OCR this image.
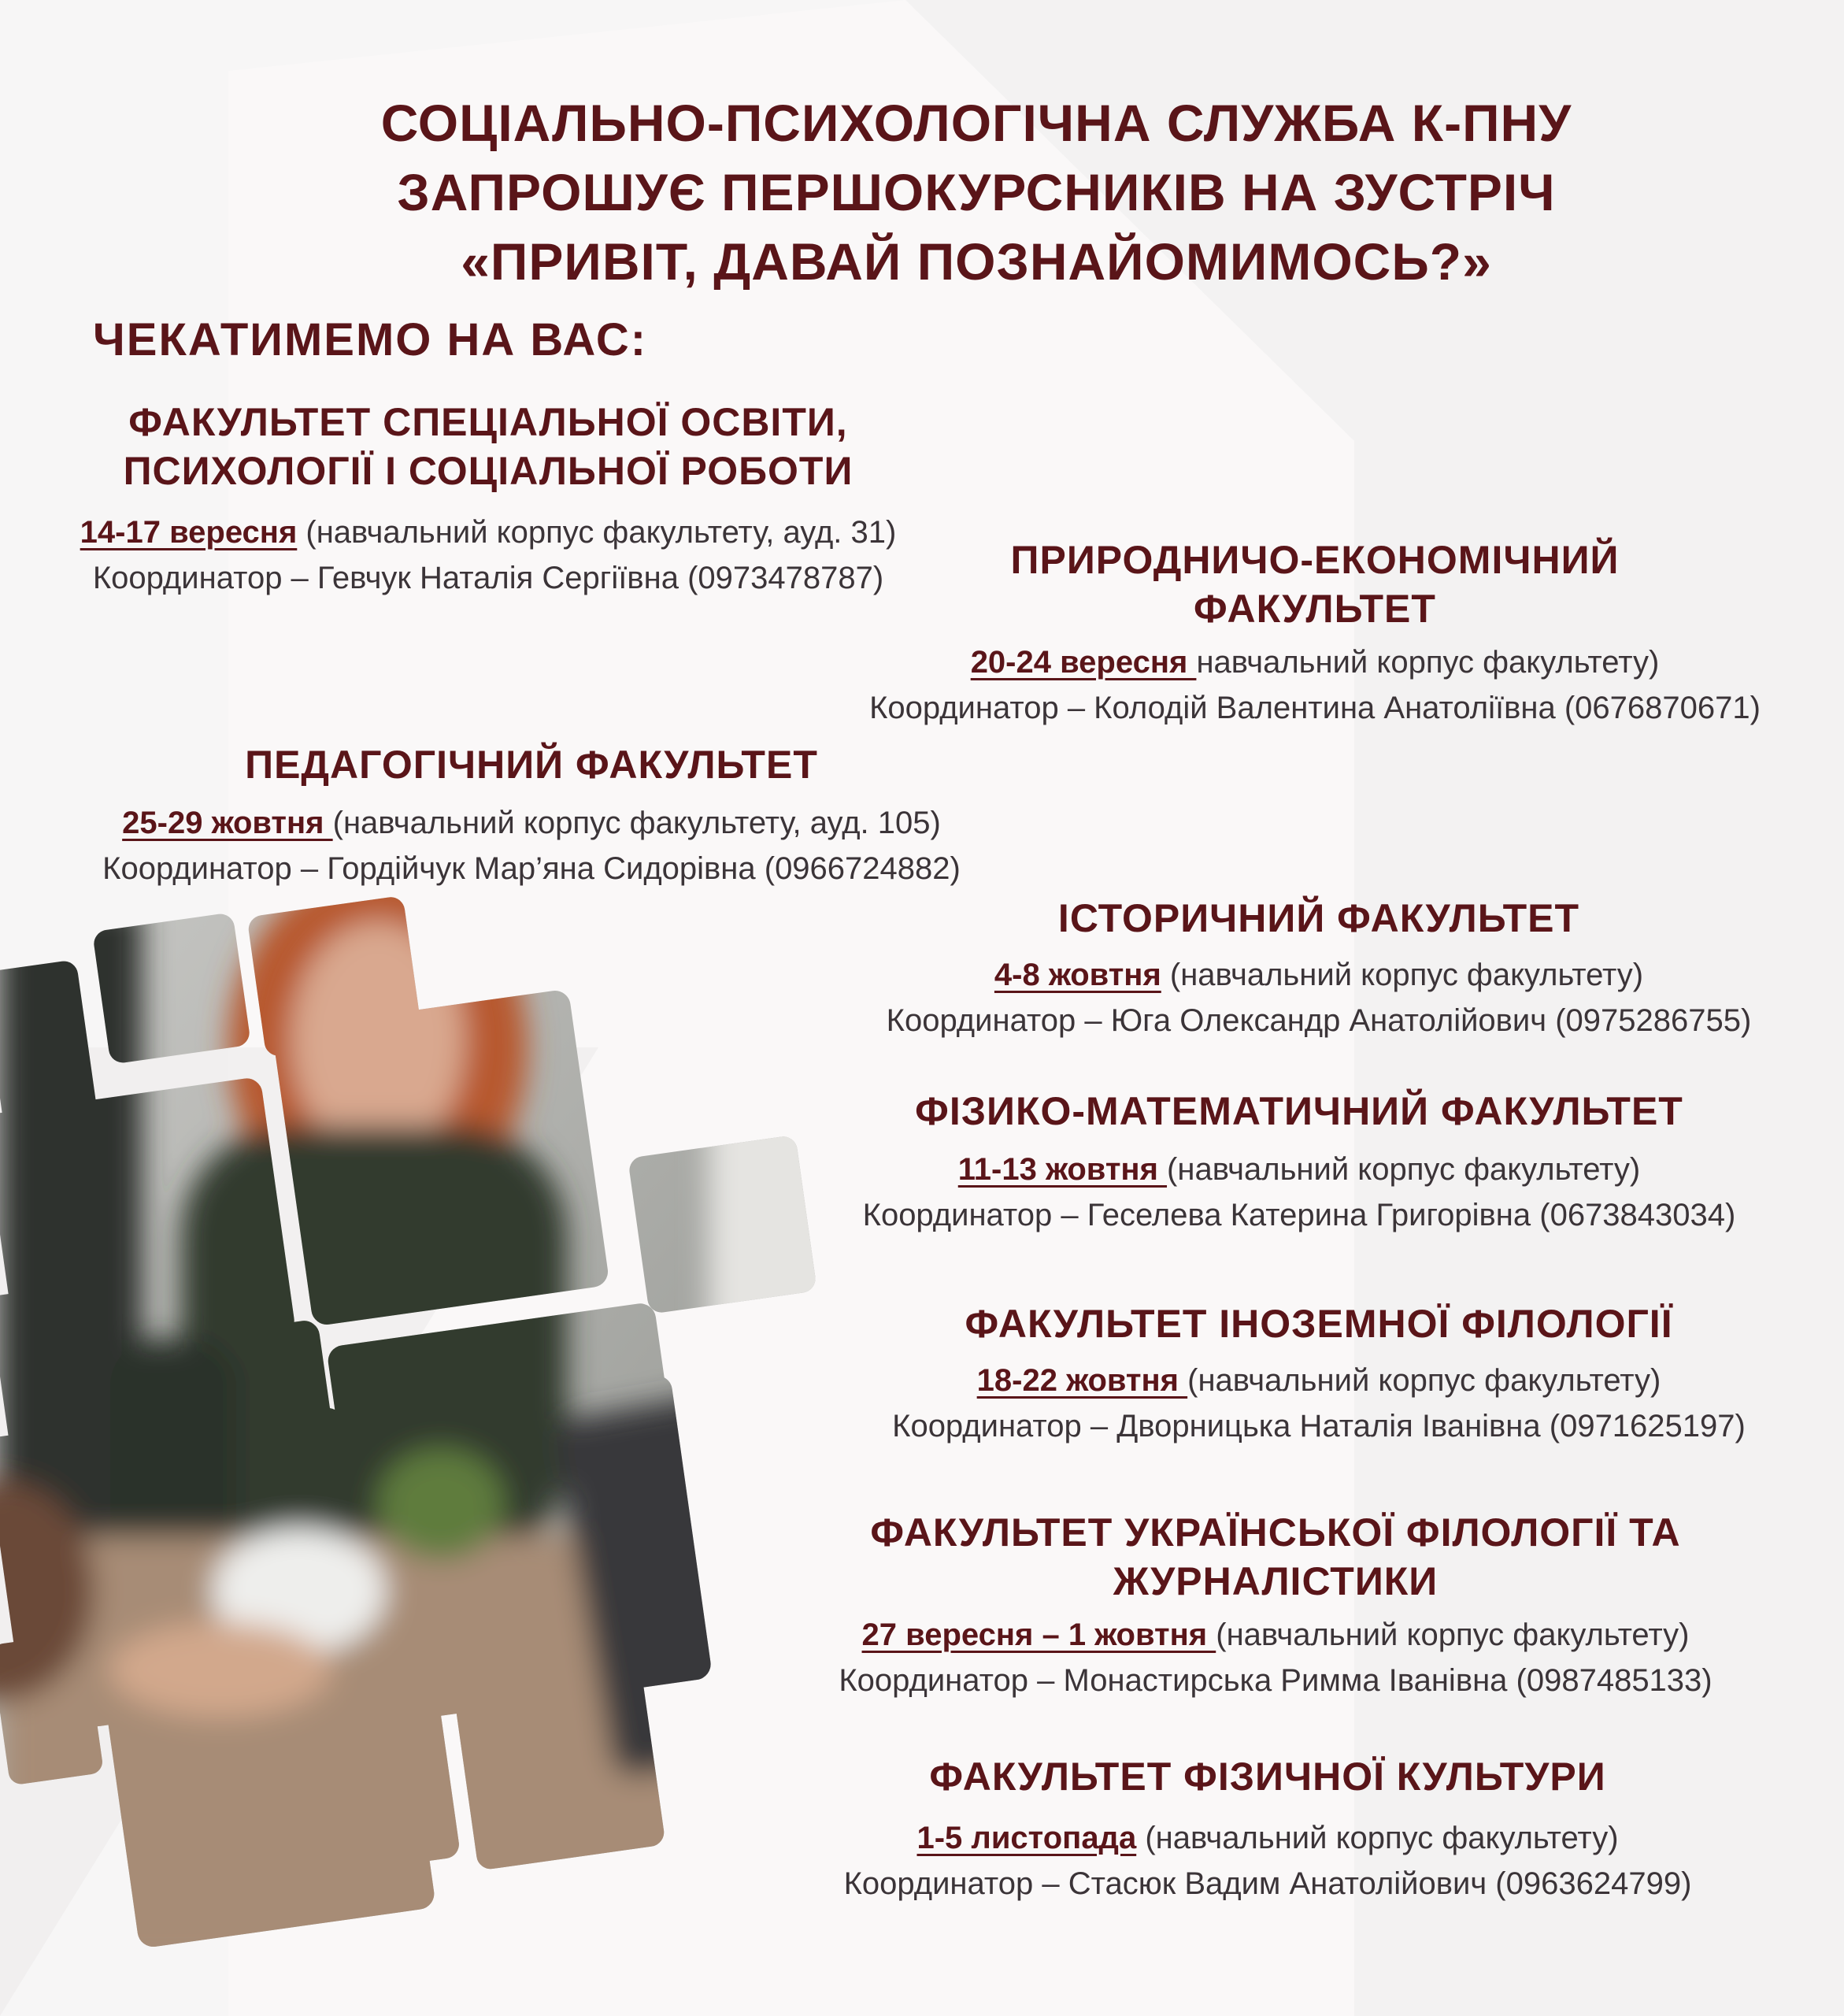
СОЦІАЛЬНО-ПСИХОЛОГІЧНА СЛУЖБА К-ПНУ
ЗАПРОШУЄ ПЕРШОКУРСНИКІВ НА ЗУСТРІЧ
«ПРИВІТ, ДАВАЙ ПОЗНАЙОМИМОСЬ?»
ЧЕКАТИМЕМО НА ВАС:
ФАКУЛЬТЕТ СПЕЦІАЛЬНОЇ ОСВІТИ,
ПСИХОЛОГІЇ І СОЦІАЛЬНОЇ РОБОТИ
14-17 вересня (навчальний корпус факультету, ауд. 31)
Координатор – Гевчук Наталія Сергіївна (0973478787)	ПРИРОДНИЧО-ЕКОНОМІЧНИЙ
ФАКУЛЬТЕТ
20-24 вересня навчальний корпус факультету)
Координатор – Колодій Валентина Анатоліївна (0676870671)
ПЕДАГОГІЧНИЙ ФАКУЛЬТЕТ
25-29 жовтня (навчальний корпус факультету, ауд. 105)
Координатор – Гордійчук Мар’яна Сидорівна (0966724882)
ІСТОРИЧНИЙ ФАКУЛЬТЕТ
4-8 жовтня (навчальний корпус факультету)
Координатор – Юга Олександр Анатолійович (0975286755)
ФІЗИКО-МАТЕМАТИЧНИЙ ФАКУЛЬТЕТ
11-13 жовтня (навчальний корпус факультету)
Координатор – Геселева Катерина Григорівна (0673843034)
ФАКУЛЬТЕТ ІНОЗЕМНОЇ ФІЛОЛОГІЇ
18-22 жовтня (навчальний корпус факультету)
Координатор – Дворницька Наталія Іванівна (0971625197)
ФАКУЛЬТЕТ УКРАЇНСЬКОЇ ФІЛОЛОГІЇ ТА
ЖУРНАЛІСТИКИ
27 вересня – 1 жовтня (навчальний корпус факультету)
Координатор – Монастирська Римма Іванівна (0987485133)
ФАКУЛЬТЕТ ФІЗИЧНОЇ КУЛЬТУРИ
1-5 листопада (навчальний корпус факультету)
Координатор – Стасюк Вадим Анатолійович (0963624799)
